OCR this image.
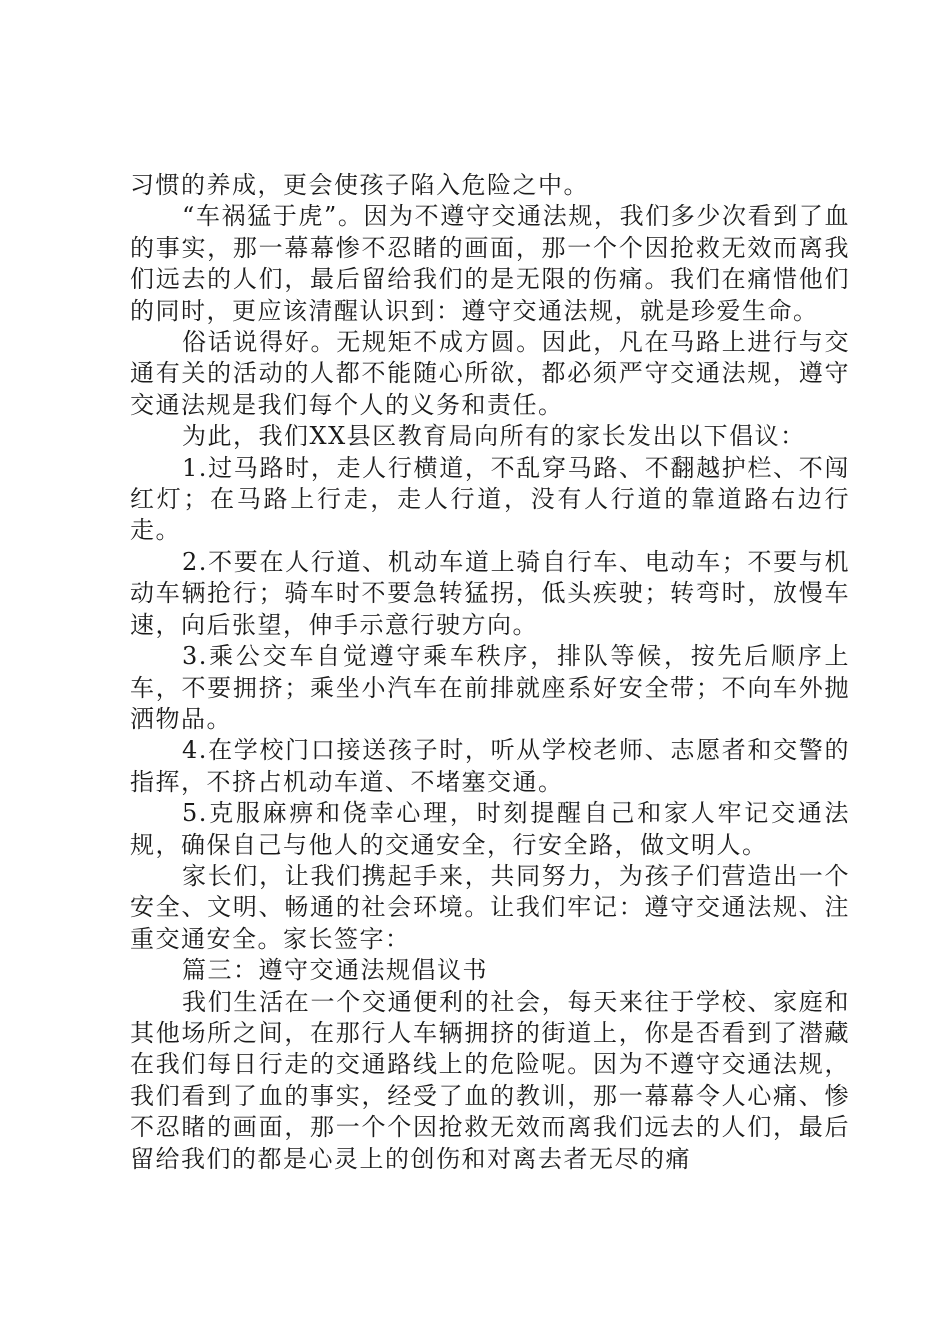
习惯的养成，更会使孩子陷入危险之中。

“车祸猛于虎”。因为不遵守交通法规，我们多少次看到了血的事实，那一幕幕惨不忍睹的画面，那一个个因抢救无效而离我们远去的人们，最后留给我们的是无限的伤痛。我们在痛惜他们的同时，更应该清醒认识到：遵守交通法规，就是珍爱生命。

俗话说得好。无规矩不成方圆。因此，凡在马路上进行与交通有关的活动的人都不能随心所欲，都必须严守交通法规，遵守交通法规是我们每个人的义务和责任。

为此，我们XX县区教育局向所有的家长发出以下倡议：

1.过马路时，走人行横道，不乱穿马路、不翻越护栏、不闯红灯；在马路上行走，走人行道，没有人行道的靠道路右边行走。

2.不要在人行道、机动车道上骑自行车、电动车；不要与机动车辆抢行；骑车时不要急转猛拐，低头疾驶；转弯时，放慢车速，向后张望，伸手示意行驶方向。

3.乘公交车自觉遵守乘车秩序，排队等候，按先后顺序上车，不要拥挤；乘坐小汽车在前排就座系好安全带；不向车外抛洒物品。

4.在学校门口接送孩子时，听从学校老师、志愿者和交警的指挥，不挤占机动车道、不堵塞交通。

5.克服麻痹和侥幸心理，时刻提醒自己和家人牢记交通法规，确保自己与他人的交通安全，行安全路，做文明人。

家长们，让我们携起手来，共同努力，为孩子们营造出一个安全、文明、畅通的社会环境。让我们牢记：遵守交通法规、注重交通安全。家长签字：

篇三：遵守交通法规倡议书

我们生活在一个交通便利的社会，每天来往于学校、家庭和其他场所之间，在那行人车辆拥挤的街道上，你是否看到了潜藏在我们每日行走的交通路线上的危险呢。因为不遵守交通法规，我们看到了血的事实，经受了血的教训，那一幕幕令人心痛、惨不忍睹的画面，那一个个因抢救无效而离我们远去的人们，最后留给我们的都是心灵上的创伤和对离去者无尽的痛
